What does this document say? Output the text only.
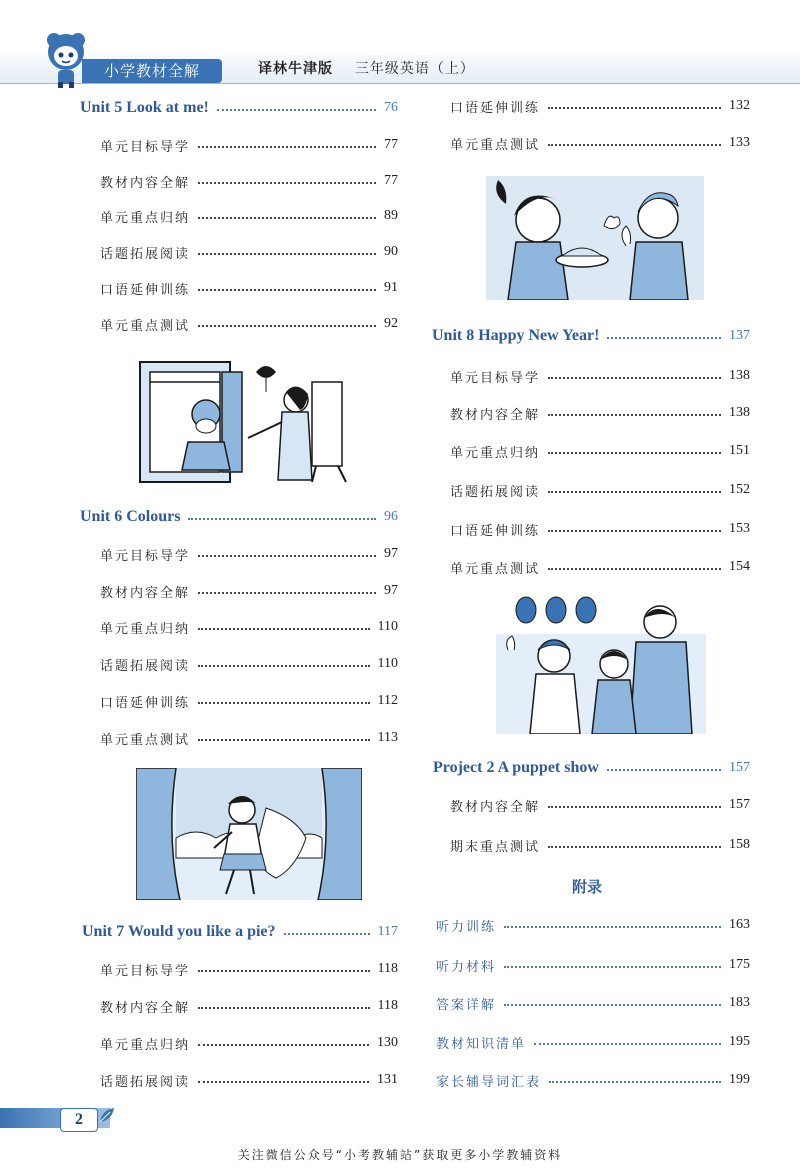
小学教材全解	译林牛津版 三年级英语（上）
Unit 5 Look at me!	76
单元目标导学	77
教材内容全解	77
单元重点归纳	89
话题拓展阅读	90
口语延伸训练	91
单元重点测试	92
Unit 6 Colours	96
单元目标导学	97
教材内容全解	97
单元重点归纳	110
话题拓展阅读	110
口语延伸训练	112
单元重点测试	113
Unit 7 Would you like a pie?	117
单元目标导学	118
教材内容全解	118
单元重点归纳	130
话题拓展阅读	131
口语延伸训练	132
单元重点测试	133
Unit 8 Happy New Year!	137
单元目标导学	138
教材内容全解	138
单元重点归纳	151
话题拓展阅读	152
口语延伸训练	153
单元重点测试	154
Project 2 A puppet show	157
教材内容全解	157
期末重点测试	158
附录
听力训练	163
听力材料	175
答案详解	183
教材知识清单	195
家长辅导词汇表	199
2
关注微信公众号“小考教辅站”获取更多小学教辅资料
